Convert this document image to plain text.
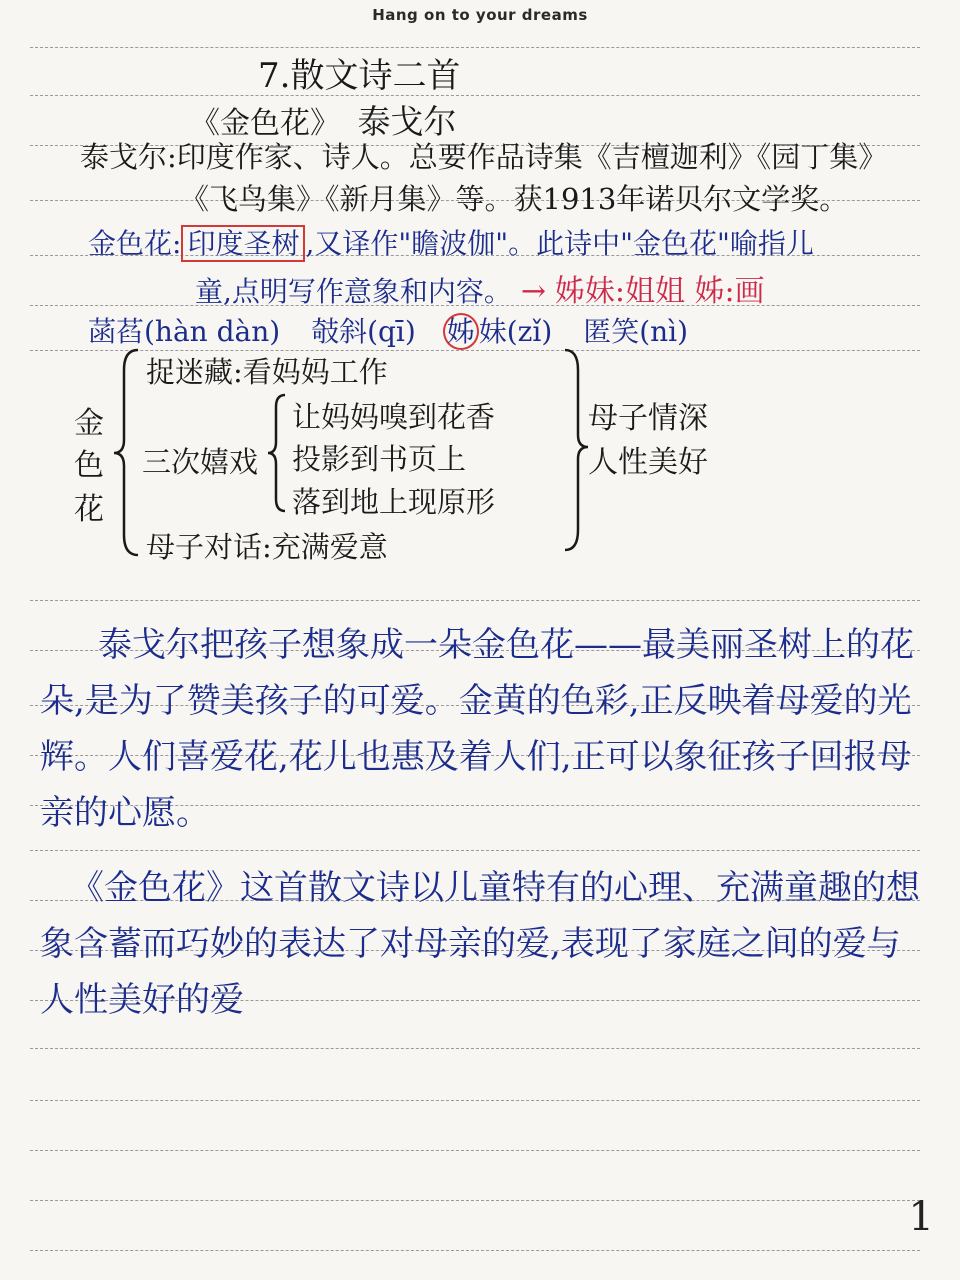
Hang on to your dreams
7.散文诗二首
《金色花》 泰戈尔
泰戈尔:印度作家、诗人。总要作品诗集《吉檀迦利》《园丁集》
《飞鸟集》《新月集》等。获1913年诺贝尔文学奖。
金色花: 印度圣树 ,又译作"瞻波伽"。此诗中"金色花"喻指儿
童,点明写作意象和内容。 → 姊妹:姐姐 姊:画
菡萏(hàn dàn) 攲斜(qī) 姊 妹(zǐ) 匿笑(nì)
金
色
花
捉迷藏:看妈妈工作
三次嬉戏
让妈妈嗅到花香
投影到书页上
落到地上现原形
母子对话:充满爱意
母子情深
人性美好
泰戈尔把孩子想象成一朵金色花——最美丽圣树上的花朵,是为了赞美孩子的可爱。金黄的色彩,正反映着母爱的光辉。人们喜爱花,花儿也惠及着人们,正可以象征孩子回报母亲的心愿。
《金色花》这首散文诗以儿童特有的心理、充满童趣的想象含蓄而巧妙的表达了对母亲的爱,表现了家庭之间的爱与人性美好的爱
1
